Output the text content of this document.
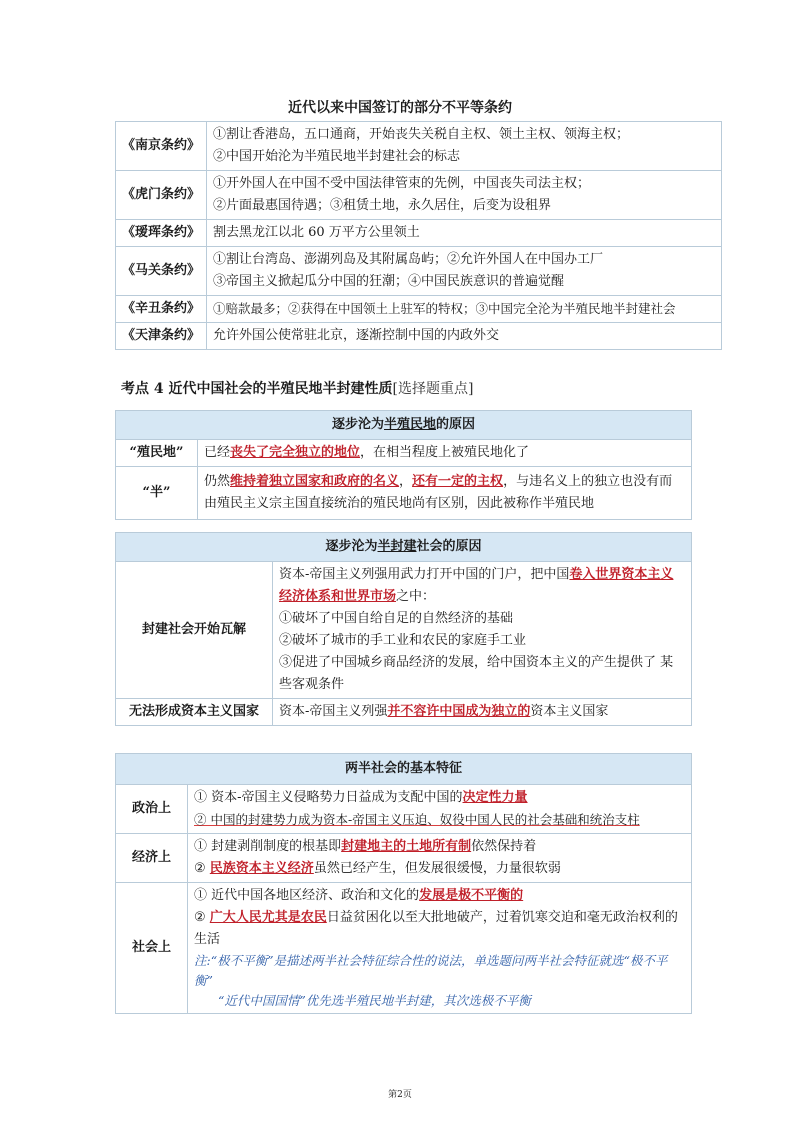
近代以来中国签订的部分不平等条约
《南京条约》	①割让香港岛，五口通商，开始丧失关税自主权、领土主权、领海主权；
②中国开始沦为半殖民地半封建社会的标志

《虎门条约》	①开外国人在中国不受中国法律管束的先例，中国丧失司法主权；
②片面最惠国待遇；③租赁土地，永久居住，后变为设租界

《瑷珲条约》	割去黑龙江以北 60 万平方公里领土

《马关条约》	①割让台湾岛、澎湖列岛及其附属岛屿；②允许外国人在中国办工厂
③帝国主义掀起瓜分中国的狂潮；④中国民族意识的普遍觉醒

《辛丑条约》	①赔款最多；②获得在中国领土上驻军的特权；③中国完全沦为半殖民地半封建社会

《天津条约》	允许外国公使常驻北京，逐渐控制中国的内政外交
考点 4 近代中国社会的半殖民地半封建性质[选择题重点]
逐步沦为半殖民地的原因	
“殖民地”	已经丧失了完全独立的地位，在相当程度上被殖民地化了
“半”	仍然维持着独立国家和政府的名义，还有一定的主权，与违名义上的独立也没有而由殖民主义宗主国直接统治的殖民地尚有区别，因此被称作半殖民地
逐步沦为半封建社会的原因	
封建社会开始瓦解	资本-帝国主义列强用武力打开中国的门户，把中国卷入世界资本主义经济体系和世界市场之中：
①破坏了中国自给自足的自然经济的基础
②破坏了城市的手工业和农民的家庭手工业
③促进了中国城乡商品经济的发展，给中国资本主义的产生提供了 某些客观条件

无法形成资本主义国家	资本-帝国主义列强并不容许中国成为独立的资本主义国家
两半社会的基本特征	
政治上	① 资本-帝国主义侵略势力日益成为支配中国的决定性力量
② 中国的封建势力成为资本-帝国主义压迫、奴役中国人民的社会基础和统治支柱

经济上	① 封建剥削制度的根基即封建地主的土地所有制依然保持着
② 民族资本主义经济虽然已经产生，但发展很缓慢，力量很软弱

社会上	① 近代中国各地区经济、政治和文化的发展是极不平衡的
② 广大人民尤其是农民日益贫困化以至大批地破产，过着饥寒交迫和毫无政治权利的生活
注:“极不平衡”是描述两半社会特征综合性的说法，单选题问两半社会特征就选“极不平衡”
“近代中国国情”优先选半殖民地半封建，其次选极不平衡
第2页
